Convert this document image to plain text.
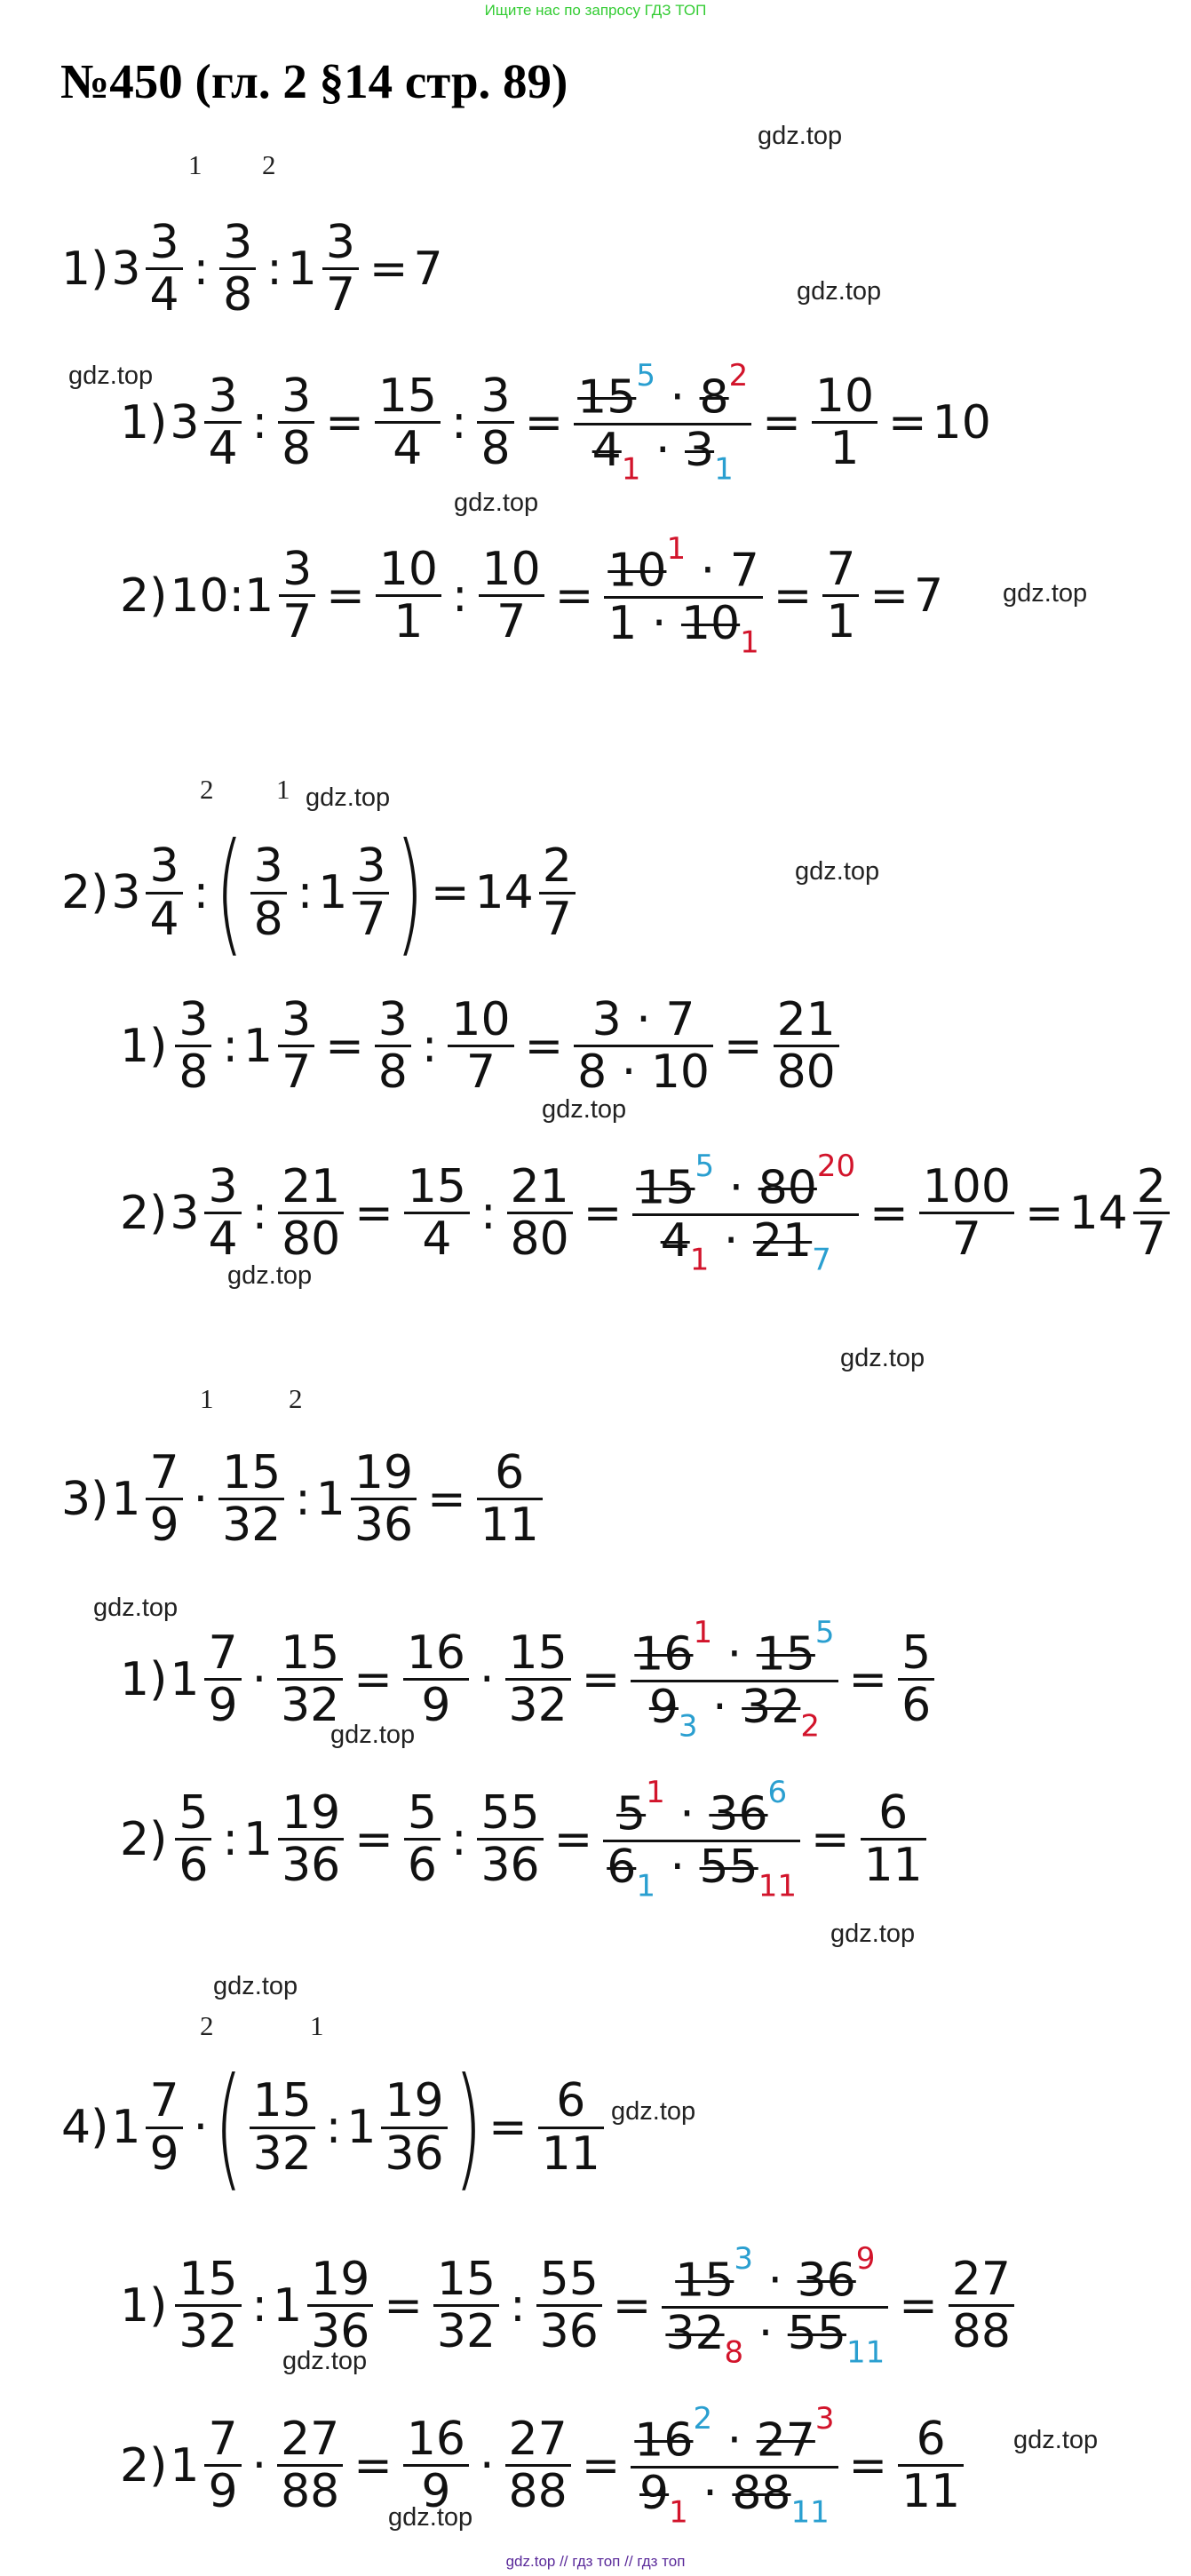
Ищите нас по запросу ГДЗ ТОП
№450 (гл. 2 §14 стр. 89)
gdz.top
gdz.top
gdz.top
gdz.top
gdz.top
gdz.top
gdz.top
gdz.top
gdz.top
gdz.top
gdz.top
gdz.top
gdz.top
gdz.top
gdz.top
gdz.top
gdz.top
gdz.top
1 2
2 1
1	2
2	1
1) $3 \frac{3}{4}$ : $\frac{3}{8}$ : $1 \frac{3}{7} = 7$
1) $3 \frac{3}{4}$ : $\frac{3}{8} = \frac{15}{4}$ : $\frac{3}{8} = \frac{15^5 \cdot 8^2}{4_1 \cdot 3_1} = \frac{10}{1} = 10$
2) 10: $1 \frac{3}{7} = \frac{10}{1}$ : $\frac{10}{7} = \frac{10^1 \cdot 7}{1 \cdot 10_1} = \frac{7}{1} = 7$
2) $3 \frac{3}{4}$ : ( $\frac{3}{8}$ : $1 \frac{3}{7}$ ) = $14 \frac{2}{7}$
$1) \frac{3}{8}$ : $1 \frac{3}{7} = \frac{3}{8}$ : $\frac{10}{7} = \frac{3 \cdot 7}{8 \cdot 10} = \frac{21}{80}$
2) $3 \frac{3}{4}$ : $\frac{21}{80} = \frac{15}{4}$ : $\frac{21}{80} = \frac{15^5 \cdot 80^{20}}{4_1 \cdot 21_7} = \frac{100}{7} = 14 \frac{2}{7}$
3) $1 \frac{7}{9} \cdot \frac{15}{32}$ : $1 \frac{19}{36} = \frac{6}{11}$
1) $1 \frac{7}{9} \cdot \frac{15}{32} = \frac{16}{9} \cdot \frac{15}{32} = \frac{16^1 \cdot 15^5}{9_3 \cdot 32_2} = \frac{5}{6}$
$2) \frac{5}{6}$ : $1 \frac{19}{36} = \frac{5}{6}$ : $\frac{55}{36} = \frac{5^1 \cdot 36^6}{6_1 \cdot 55_{11}} = \frac{6}{11}$
4) $1 \frac{7}{9}$ · ( $\frac{15}{32}$ : $1 \frac{19}{36}$ ) = $\frac{6}{11}$
$1) \frac{15}{32}$ : $1 \frac{19}{36} = \frac{15}{32}$ : $\frac{55}{36} = \frac{15^3 \cdot 36^9}{32_8 \cdot 55_{11}} = \frac{27}{88}$
2) $1 \frac{7}{9} \cdot \frac{27}{88} = \frac{16}{9} \cdot \frac{27}{88} = \frac{16^2 \cdot 27^3}{9_1 \cdot 88_{11}} = \frac{6}{11}$
gdz.top // гдз топ // гдз топ
